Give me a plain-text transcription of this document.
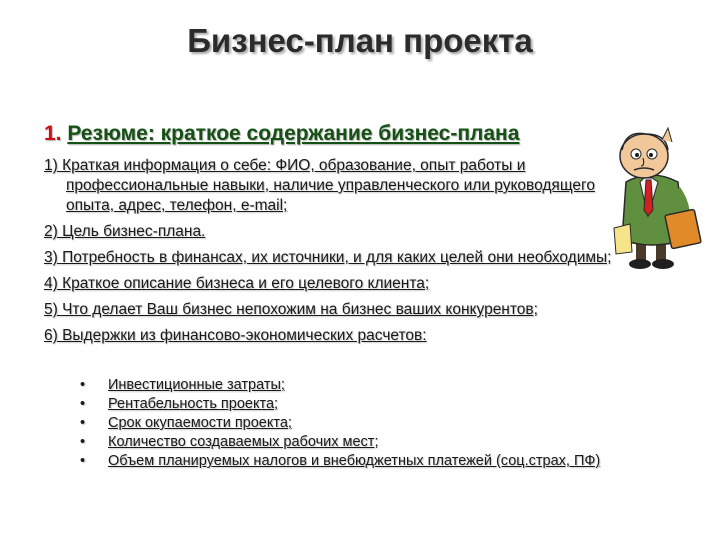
Бизнес-план проекта
1. Резюме: краткое содержание бизнес-плана
1) Краткая информация о себе: ФИО, образование, опыт работы и профессиональные навыки, наличие управленческого или руководящего опыта, адрес, телефон, e-mail;
2) Цель бизнес-плана.
3) Потребность в финансах, их источники, и для каких целей они необходимы;
4) Краткое описание бизнеса и его целевого клиента;
5) Что делает Ваш бизнес непохожим на бизнес ваших конкурентов;
6) Выдержки из финансово-экономических расчетов:
• Инвестиционные затраты;
• Рентабельность проекта;
• Срок окупаемости проекта;
• Количество создаваемых рабочих мест;
• Объем планируемых налогов и внебюджетных платежей (соц.страх, ПФ)
